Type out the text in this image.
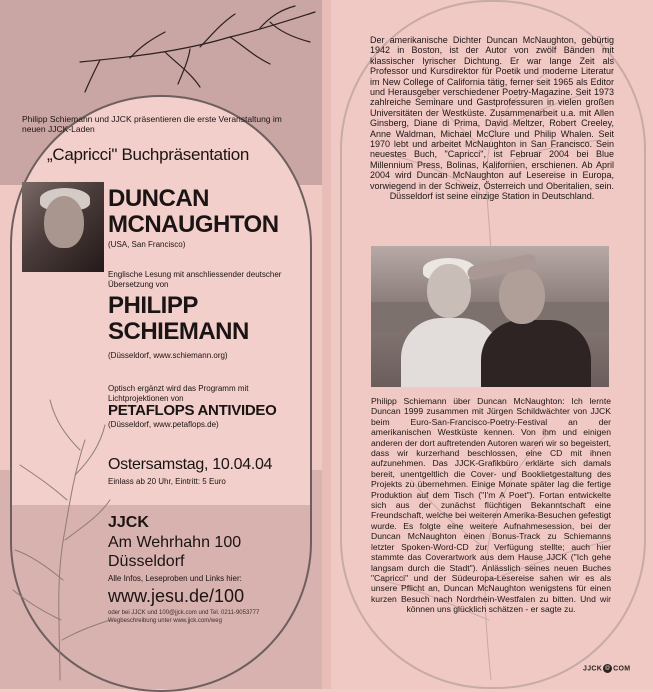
Philipp Schiemann und JJCK präsentieren die erste Veranstaltung im neuen JJCK-Laden
„Capricci" Buchpräsentation
DUNCAN
MCNAUGHTON
(USA, San Francisco)
Englische Lesung mit anschliessender deutscher Übersetzung von
PHILIPP
SCHIEMANN
(Düsseldorf, www.schiemann.org)
Optisch ergänzt wird das Programm mit Lichtprojektionen von
PETAFLOPS ANTIVIDEO
(Düsseldorf, www.petaflops.de)
Ostersamstag, 10.04.04
Einlass ab 20 Uhr, Eintritt: 5 Euro
JJCK
Am Wehrhahn 100
Düsseldorf
Alle Infos, Leseproben und Links hier:
www.jesu.de/100
oder bei JJCK und 100@jjck.com und Tel. 0211-9053777
Wegbeschreibung unter www.jjck.com/weg
Der amerikanische Dichter Duncan McNaughton, gebürtig 1942 in Boston, ist der Autor von zwölf Bänden mit klassischer lyrischer Dichtung. Er war lange Zeit als Professor und Kursdirektor für Poetik und moderne Literatur im New College of California tätig, ferner seit 1965 als Editor und Herausgeber verschiedener Poetry-Magazine. Seit 1973 zahlreiche Seminare und Gastprofessuren in vielen großen Universitäten der Westküste. Zusammenarbeit u.a. mit Allen Ginsberg, Diane di Prima, David Meltzer, Robert Creeley, Anne Waldman, Michael McClure und Philip Whalen. Seit 1970 lebt und arbeitet McNaughton in San Francisco. Sein neuestes Buch, "Capricci", ist Februar 2004 bei Blue Millennium Press, Bolinas, Kalifornien, erschienen. Ab April 2004 wird Duncan McNaughton auf Lesereise in Europa, vorwiegend in der Schweiz, Österreich und Oberitalien, sein. Düsseldorf ist seine einzige Station in Deutschland.
Philipp Schiemann über Duncan McNaughton: Ich lernte Duncan 1999 zusammen mit Jürgen Schildwächter von JJCK beim Euro-San-Francisco-Poetry-Festival an der amerikanischen Westküste kennen. Von ihm und einigen anderen der dort auftretenden Autoren waren wir so begeistert, dass wir kurzerhand beschlossen, eine CD mit ihnen aufzunehmen. Das JJCK-Grafikbüro erklärte sich damals bereit, unentgeltlich die Cover- und Booklietgestaltung des Projekts zu übernehmen. Einige Monate später lag die fertige Produktion auf dem Tisch ("I'm A Poet"). Fortan entwickelte sich aus der zunächst flüchtigen Bekanntschaft eine Freundschaft, welche bei weiteren Amerika-Besuchen gefestigt wurde. Es folgte eine weitere Aufnahmesession, bei der Duncan McNaughton einen Bonus-Track zu Schiemanns letzter Spoken-Word-CD zur Verfügung stellte; auch hier stammte das Coverartwork aus dem Hause JJCK ("Ich gehe langsam durch die Stadt"). Anlässlich seines neuen Buches "Capricci" und der Südeuropa-Lesereise sahen wir es als unsere Pflicht an, Duncan McNaughton wenigstens für einen kurzen Besuch nach Nordrhein-Westfalen zu bitten. Und wir können uns glücklich schätzen - er sagte zu.
JJCK @ COM
